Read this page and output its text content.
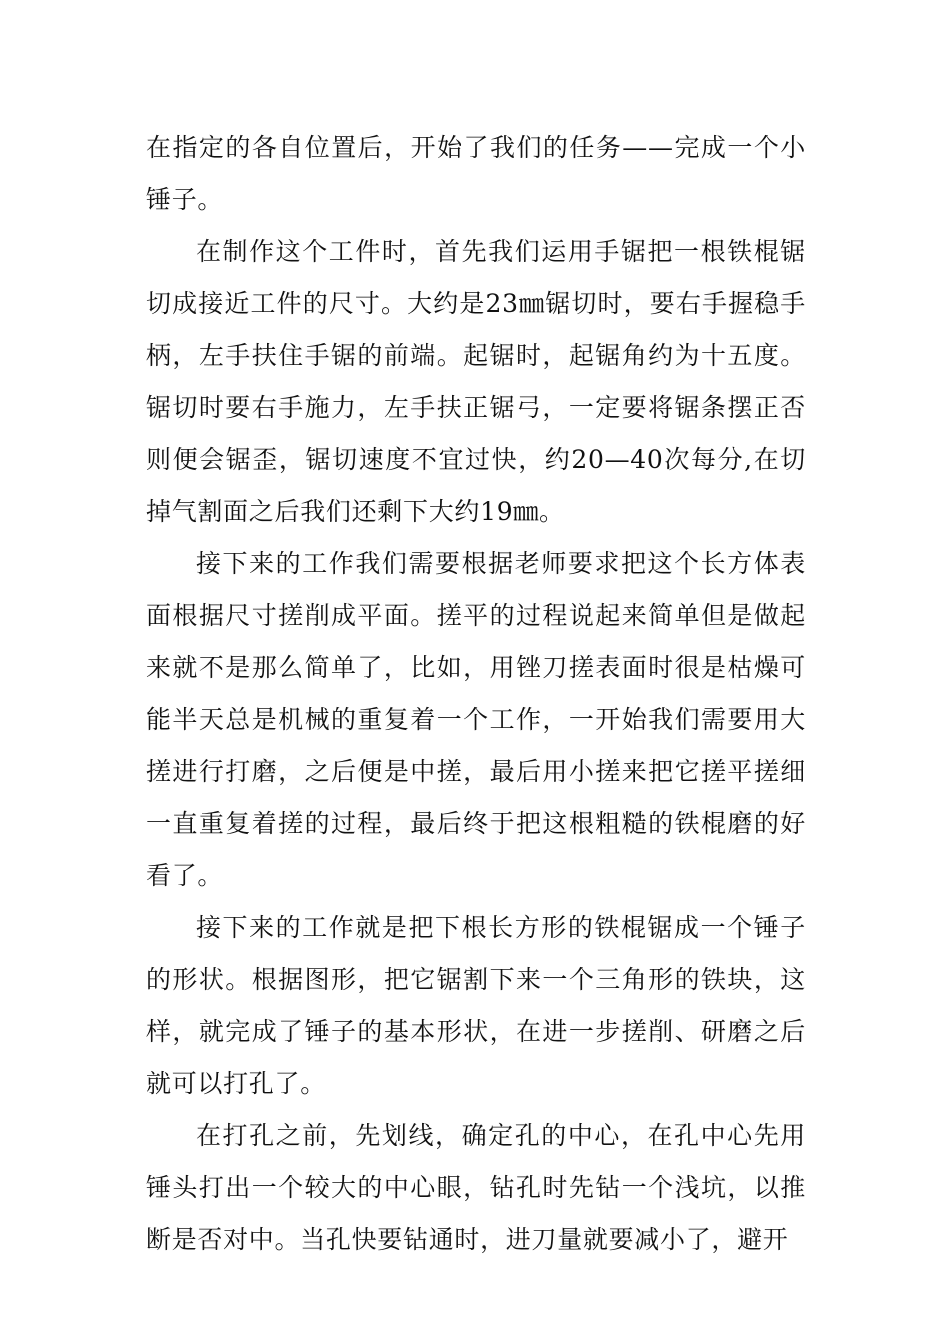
在指定的各自位置后，开始了我们的任务——完成一个小锤子。

在制作这个工件时，首先我们运用手锯把一根铁棍锯切成接近工件的尺寸。大约是23㎜锯切时，要右手握稳手柄，左手扶住手锯的前端。起锯时，起锯角约为十五度。锯切时要右手施力，左手扶正锯弓，一定要将锯条摆正否则便会锯歪，锯切速度不宜过快，约20—40次每分,在切掉气割面之后我们还剩下大约19㎜。

接下来的工作我们需要根据老师要求把这个长方体表面根据尺寸搓削成平面。搓平的过程说起来简单但是做起来就不是那么简单了，比如，用锉刀搓表面时很是枯燥可能半天总是机械的重复着一个工作，一开始我们需要用大搓进行打磨，之后便是中搓，最后用小搓来把它搓平搓细一直重复着搓的过程，最后终于把这根粗糙的铁棍磨的好看了。

接下来的工作就是把下根长方形的铁棍锯成一个锤子的形状。根据图形，把它锯割下来一个三角形的铁块，这样，就完成了锤子的基本形状，在进一步搓削、研磨之后就可以打孔了。

在打孔之前，先划线，确定孔的中心，在孔中心先用锤头打出一个较大的中心眼，钻孔时先钻一个浅坑，以推断是否对中。当孔快要钻通时，进刀量就要减小了，避开
